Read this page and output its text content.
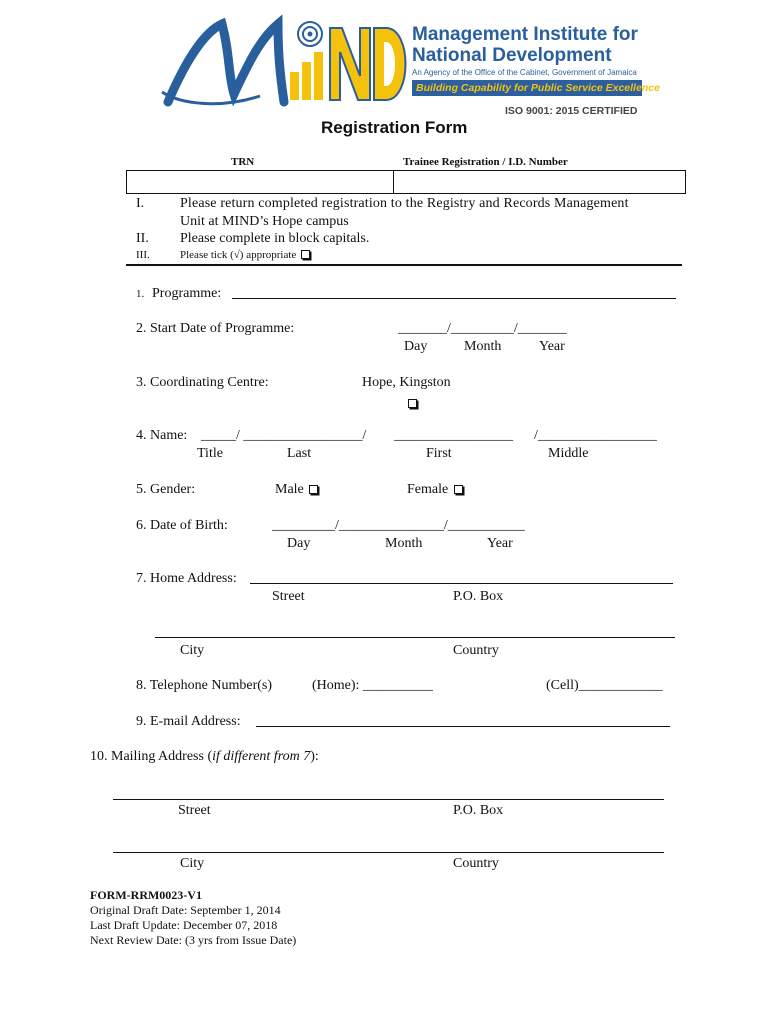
Management Institute for
National Development
An Agency of the Office of the Cabinet, Government of Jamaica
Building Capability for Public Service Excellence
ISO 9001: 2015 CERTIFIED
Registration Form
TRN	Trainee Registration / I.D. Number
I.	Please return completed registration to the Registry and Records Management
Unit at MIND’s Hope campus
II. Please complete in block capitals.
III.	Please tick (√) appropriate
1. Programme:
2. Start Date of Programme:	_______/_________/_______
Day	Month	Year
3. Coordinating Centre:	Hope, Kingston
4. Name: _____/ _________________/ _________________ /_________________
Title	Last	First	Middle
5. Gender:	Male	Female
6. Date of Birth:	_________/_______________/___________
Day	Month	Year
7. Home Address:
Street	P.O. Box
City	Country
8. Telephone Number(s)	(Home): __________	(Cell)____________
9. E-mail Address:
10. Mailing Address (if different from 7):
Street	P.O. Box
City	Country
FORM-RRM0023-V1
Original Draft Date: September 1, 2014
Last Draft Update: December 07, 2018
Next Review Date: (3 yrs from Issue Date)
